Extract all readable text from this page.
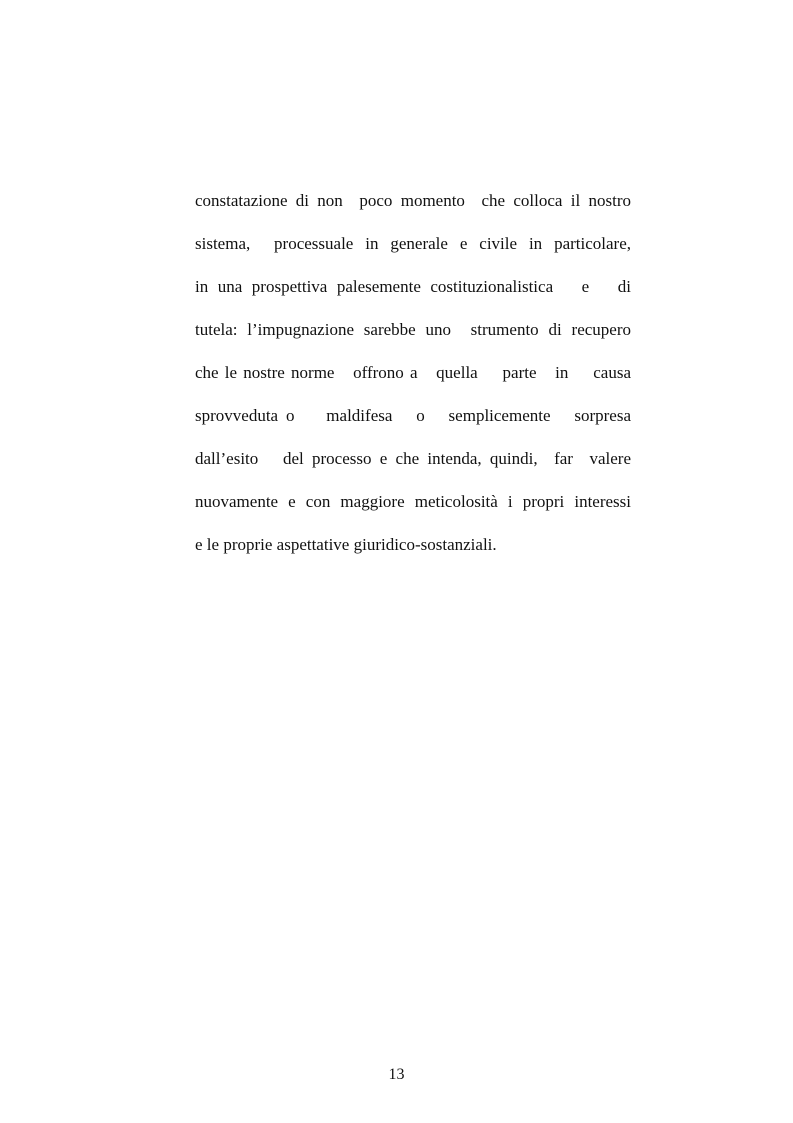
constatazione di non  poco momento  che colloca il nostro
sistema,  processuale in generale e civile in particolare,
in una prospettiva palesemente costituzionalistica   e   di
tutela: l’impugnazione sarebbe uno  strumento di recupero
che le nostre norme   offrono a   quella    parte   in    causa
sprovveduta o    maldifesa   o   semplicemente   sorpresa
dall’esito   del processo e che intenda, quindi,  far  valere
nuovamente e con maggiore meticolosità i propri interessi
e le proprie aspettative giuridico-sostanziali.
13
